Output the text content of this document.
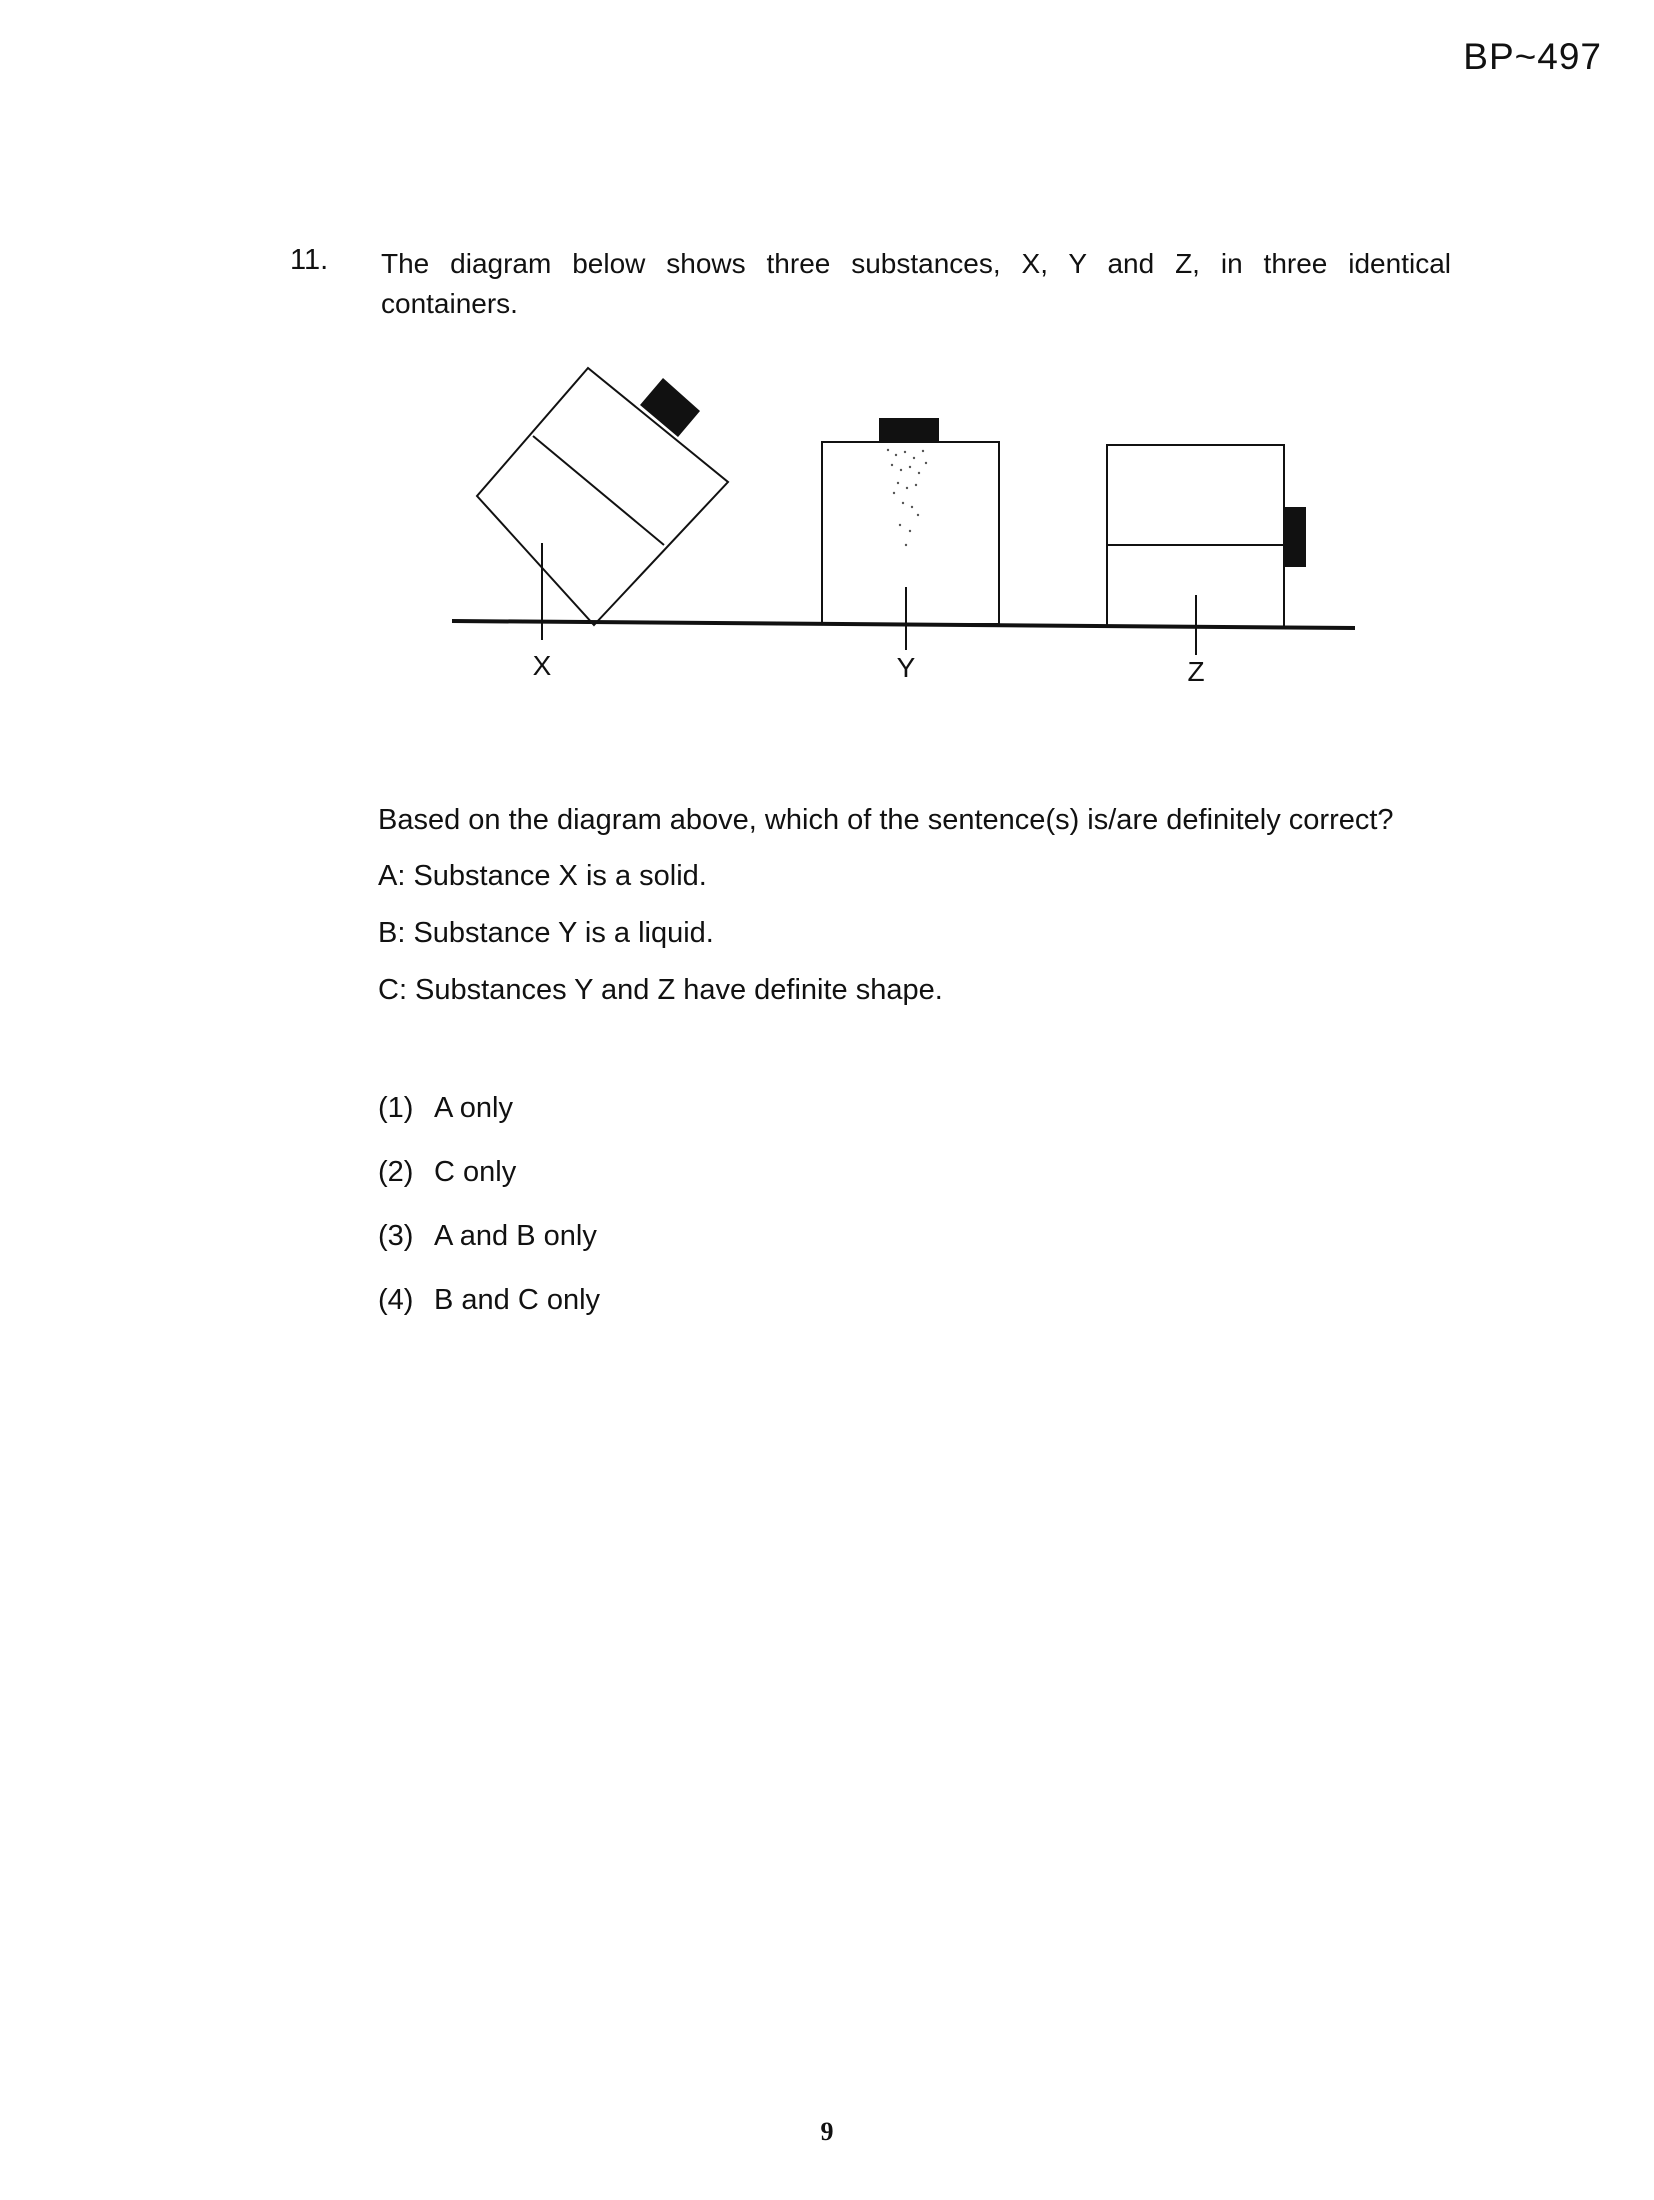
BP~497
11. The diagram below shows three substances, X, Y and Z, in three identical containers.
X	Y	Z

Based on the diagram above, which of the sentence(s) is/are definitely correct?

A: Substance X is a solid.

B: Substance Y is a liquid.

C: Substances Y and Z have definite shape.

(1) A only
(2) C only
(3) A and B only
(4) B and C only
9
